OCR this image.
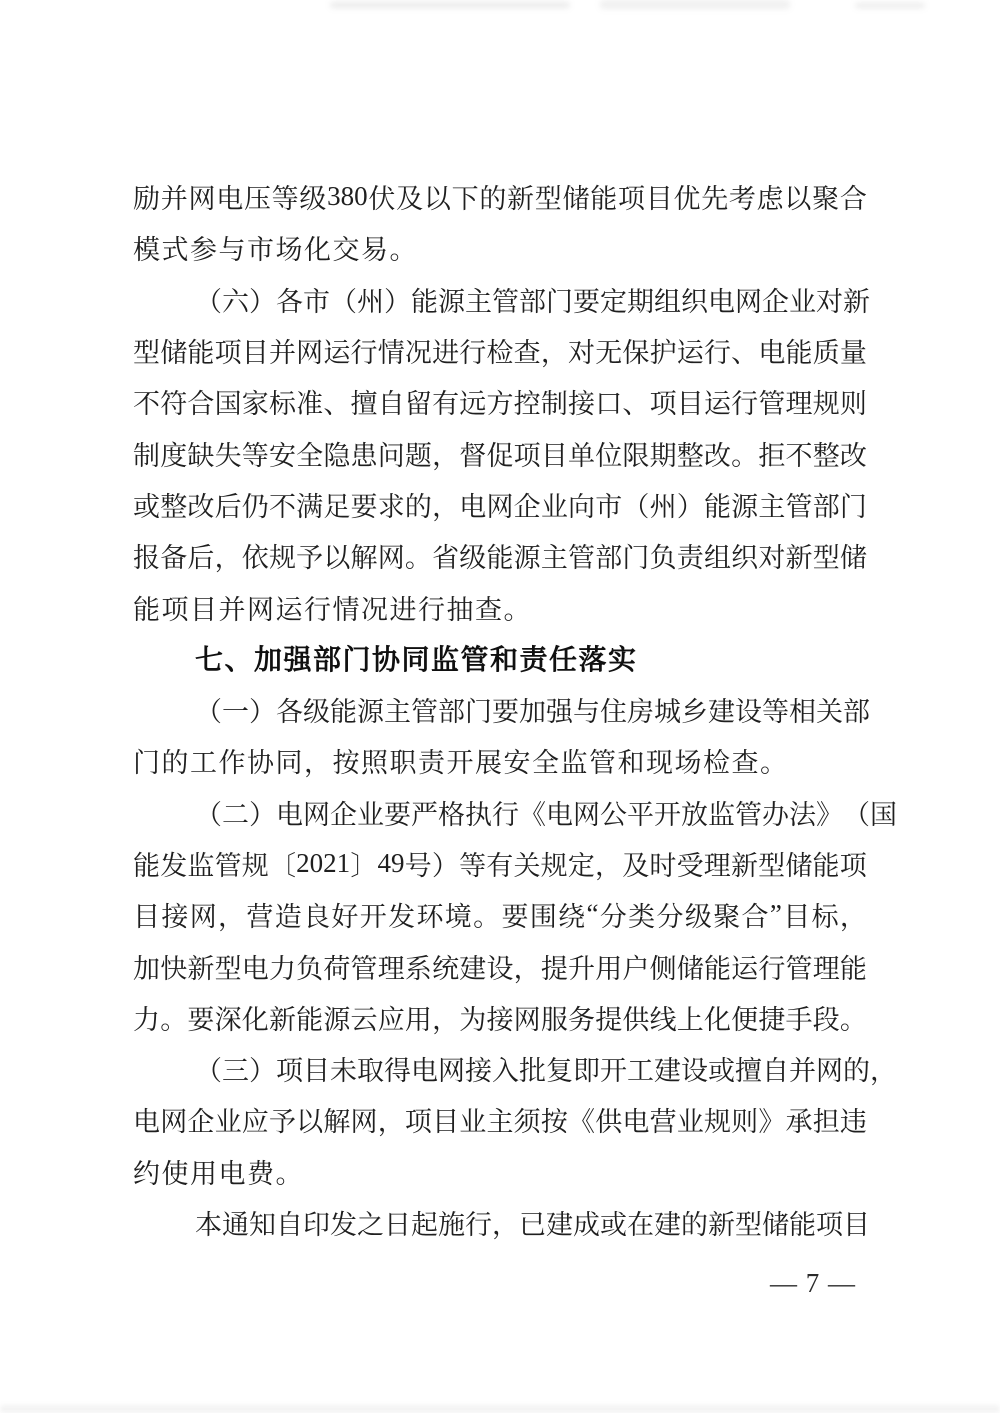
励 并 网 电 压 等 级 380 伏 及 以 下 的 新 型 储 能 项 目 优 先 考 虑 以 聚 合
模式参与市场化交易。
（ 六 ） 各 市 （ 州 ） 能 源 主 管 部 门 要 定 期 组 织 电 网 企 业 对 新
型 储 能 项 目 并 网 运 行 情 况 进 行 检 查 ， 对 无 保 护 运 行 、 电 能 质 量
不 符 合 国 家 标 准 、 擅 自 留 有 远 方 控 制 接 口 、 项 目 运 行 管 理 规 则
制 度 缺 失 等 安 全 隐 患 问 题 ， 督 促 项 目 单 位 限 期 整 改 。 拒 不 整 改
或 整 改 后 仍 不 满 足 要 求 的 ， 电 网 企 业 向 市 （ 州 ） 能 源 主 管 部 门
报 备 后 ， 依 规 予 以 解 网 。 省 级 能 源 主 管 部 门 负 责 组 织 对 新 型 储
能项目并网运行情况进行抽查。
七、加强部门协同监管和责任落实
（ 一 ） 各 级 能 源 主 管 部 门 要 加 强 与 住 房 城 乡 建 设 等 相 关 部
门的工作协同，按照职责开展安全监管和现场检查。
（ 二 ） 电 网 企 业 要 严 格 执 行 《 电 网 公 平 开 放 监 管 办 法 》 （ 国
能 发 监 管 规 〔 2021 〕 49 号 ） 等 有 关 规 定 ， 及 时 受 理 新 型 储 能 项
目 接 网 ， 营 造 良 好 开 发 环 境 。 要 围 绕 “ 分 类 分 级 聚 合 ” 目 标 ，
加 快 新 型 电 力 负 荷 管 理 系 统 建 设 ， 提 升 用 户 侧 储 能 运 行 管 理 能
力 。 要 深 化 新 能 源 云 应 用 ， 为 接 网 服 务 提 供 线 上 化 便 捷 手 段 。
（ 三 ） 项 目 未 取 得 电 网 接 入 批 复 即 开 工 建 设 或 擅 自 并 网 的 ，
电 网 企 业 应 予 以 解 网 ， 项 目 业 主 须 按 《 供 电 营 业 规 则 》 承 担 违
约使用电费。
本 通 知 自 印 发 之 日 起 施 行 ， 已 建 成 或 在 建 的 新 型 储 能 项 目
— 7 —
